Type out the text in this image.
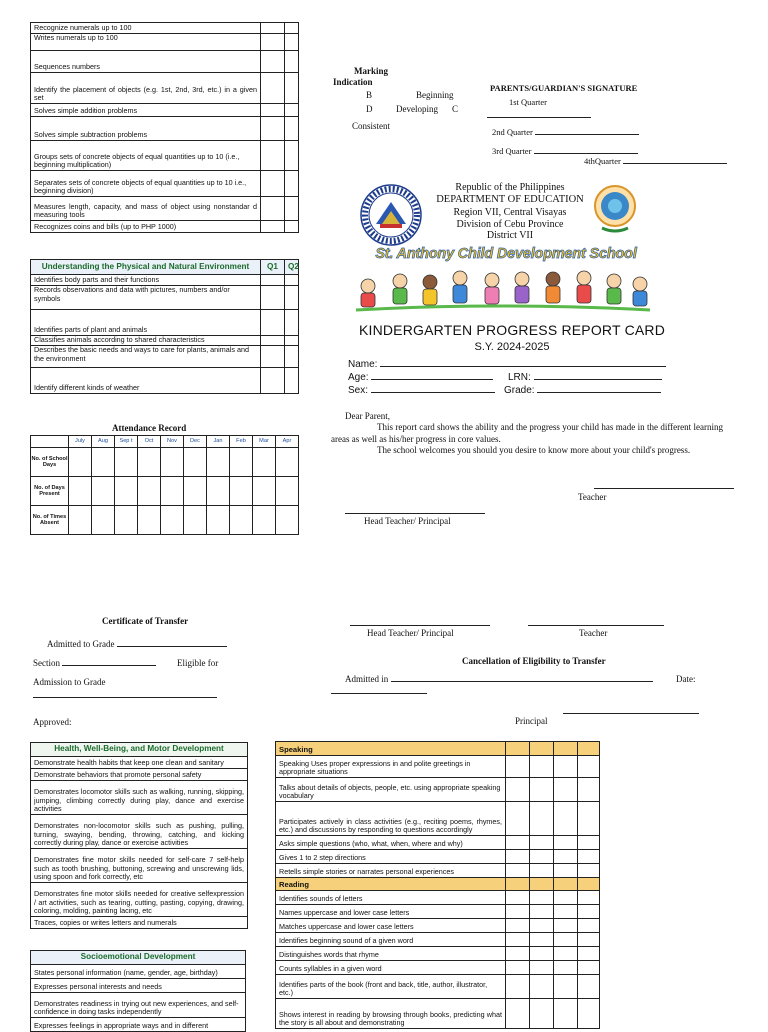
Recognize numerals up to 100		
Writes numerals up to 100		
Sequences numbers		
Identify the placement of objects (e.g. 1st, 2nd, 3rd, etc.) in a given set		
Solves simple addition problems		
Solves simple subtraction problems		
Groups sets of concrete objects of equal quantities up to 10 (i.e., beginning multiplication)		
Separates sets of concrete objects of equal quantities up to 10 i.e., beginning division)		
Measures length, capacity, and mass of object using nonstandar d measuring tools		
Recognizes coins and bills (up to PHP 1000)		
Understanding the Physical and Natural Environment	Q1	Q2
Identifies body parts and their functions		
Records observations and data with pictures, numbers and/or symbols		
Identifies parts of plant and animals		
Classifies animals according to shared characteristics		
Describes the basic needs and ways to care for plants, animals and the environment		
Identify different kinds of weather		
Attendance Record
	July	Aug	Sep t	Oct	Nov	Dec	Jan	Feb	Mar	Apr
No. of School Days										
No. of Days Present										
No. of Times Absent										
Certificate of Transfer
Admitted to Grade
Section	Eligible for
Admission to Grade
Approved:
Health, Well-Being, and Motor Development
Demonstrate health habits that keep one clean and sanitary
Demonstrate behaviors that promote personal safety
Demonstrates locomotor skills such as walking, running, skipping, jumping, climbing correctly during play, dance and exercise activities
Demonstrates non-locomotor skills such as pushing, pulling, turning, swaying, bending, throwing, catching, and kicking correctly during play, dance or exercise activities
Demonstrates fine motor skills needed for self-care 7 self-help such as tooth brushing, buttoning, screwing and unscrewing lids, using spoon and fork correctly, etc
Demonstrates fine motor skills needed for creative selfexpression / art activities, such as tearing, cutting, pasting, copying, drawing, coloring, molding, painting lacing, etc
Traces, copies or writes letters and numerals
Socioemotional Development
States personal information (name, gender, age, birthday)
Expresses personal interests and needs
Demonstrates readiness in trying out new experiences, and self-confidence in doing tasks independently
Expresses feelings in appropriate ways and in different
Marking
Indication
B	Beginning
D	Developing C
Consistent
PARENTS/GUARDIAN'S SIGNATURE
1st Quarter
2nd Quarter
3rd Quarter
4thQuarter
Republic of the Philippines
DEPARTMENT OF EDUCATION
Region VII, Central Visayas
Division of Cebu Province
District VII
St. Anthony Child Development School
KINDERGARTEN PROGRESS REPORT CARD
S.Y. 2024-2025
Name:
Age:	LRN:
Sex:	Grade:
Dear Parent,
This report card shows the ability and the progress your child has made in the different learning areas as well as his/her progress in core values.
The school welcomes you should you desire to know more about your child's progress.
Teacher
Head Teacher/ Principal
Head Teacher/ Principal	Teacher
Cancellation of Eligibility to Transfer
Admitted in	Date:
Principal
Speaking				
Speaking Uses proper expressions in and polite greetings in appropriate situations				
Talks about details of objects, people, etc. using appropriate speaking vocabulary				
Participates actively in class activities (e.g., reciting poems, rhymes, etc.) and discussions by responding to questions accordingly				
Asks simple questions (who, what, when, where and why)				
Gives 1 to 2 step directions				
Retells simple stories or narrates personal experiences				
Reading				
Identifies sounds of letters				
Names uppercase and lower case letters				
Matches uppercase and lower case letters				
Identifies beginning sound of a given word				
Distinguishes words that rhyme				
Counts syllables in a given word				
Identifies parts of the book (front and back, title, author, illustrator, etc.)				
Shows interest in reading by browsing through books, predicting what the story is all about and demonstrating				
